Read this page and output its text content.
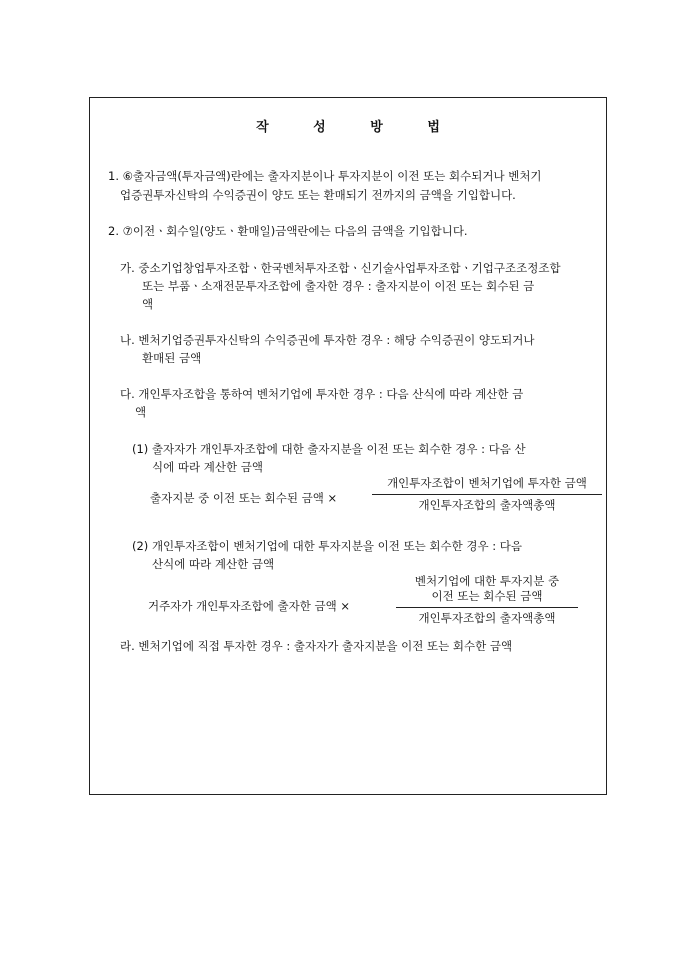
작 성 방 법
1. ⑥출자금액(투자금액)란에는 출자지분이나 투자지분이 이전 또는 회수되거나 벤처기
업증권투자신탁의 수익증권이 양도 또는 환매되기 전까지의 금액을 기입합니다.
2. ⑦이전ㆍ회수일(양도ㆍ환매일)금액란에는 다음의 금액을 기입합니다.
가. 중소기업창업투자조합ㆍ한국벤처투자조합ㆍ신기술사업투자조합ㆍ기업구조조정조합
또는 부품ㆍ소재전문투자조합에 출자한 경우 : 출자지분이 이전 또는 회수된 금
액
나. 벤처기업증권투자신탁의 수익증권에 투자한 경우 : 해당 수익증권이 양도되거나
환매된 금액
다. 개인투자조합을 통하여 벤처기업에 투자한 경우 : 다음 산식에 따라 계산한 금
액
(1) 출자자가 개인투자조합에 대한 출자지분을 이전 또는 회수한 경우 : 다음 산
식에 따라 계산한 금액
출자지분 중 이전 또는 회수된 금액 ×
개인투자조합이 벤처기업에 투자한 금액
개인투자조합의 출자액총액
(2) 개인투자조합이 벤처기업에 대한 투자지분을 이전 또는 회수한 경우 : 다음
산식에 따라 계산한 금액
거주자가 개인투자조합에 출자한 금액 ×
벤처기업에 대한 투자지분 중
이전 또는 회수된 금액
개인투자조합의 출자액총액
라. 벤처기업에 직접 투자한 경우 : 출자자가 출자지분을 이전 또는 회수한 금액
